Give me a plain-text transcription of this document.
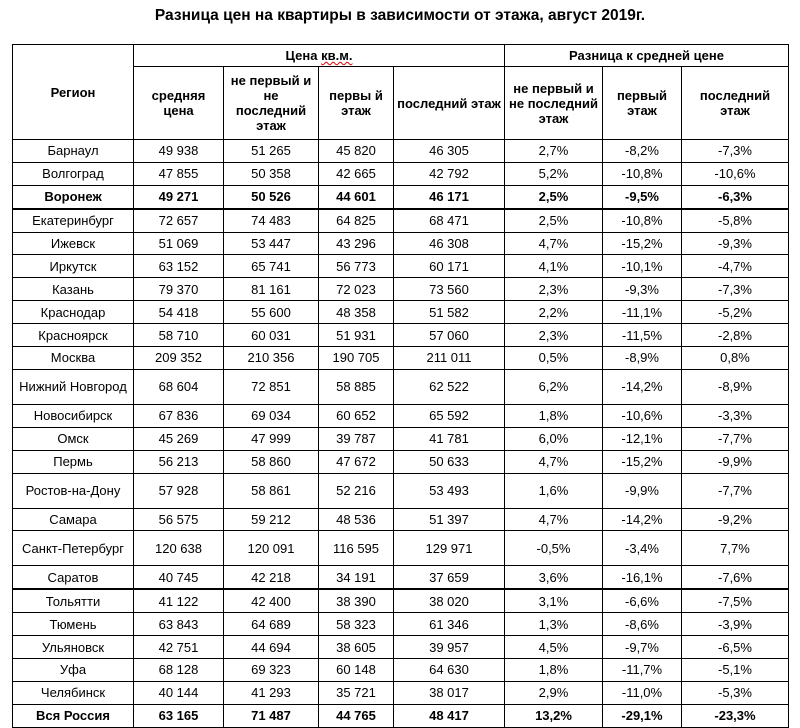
Разница цен на квартиры в зависимости от этажа, август 2019г.
Регион	Цена кв.м.				Разница к средней цене		
	средняя цена	не первый и не последний этаж	первы й этаж	последний этаж	не первый и не последний этаж	первый этаж	последний этаж
Барнаул	49 938	51 265	45 820	46 305	2,7%	-8,2%	-7,3%
Волгоград	47 855	50 358	42 665	42 792	5,2%	-10,8%	-10,6%
Воронеж	49 271	50 526	44 601	46 171	2,5%	-9,5%	-6,3%
Екатеринбург	72 657	74 483	64 825	68 471	2,5%	-10,8%	-5,8%
Ижевск	51 069	53 447	43 296	46 308	4,7%	-15,2%	-9,3%
Иркутск	63 152	65 741	56 773	60 171	4,1%	-10,1%	-4,7%
Казань	79 370	81 161	72 023	73 560	2,3%	-9,3%	-7,3%
Краснодар	54 418	55 600	48 358	51 582	2,2%	-11,1%	-5,2%
Красноярск	58 710	60 031	51 931	57 060	2,3%	-11,5%	-2,8%
Москва	209 352	210 356	190 705	211 011	0,5%	-8,9%	0,8%
Нижний Новгород	68 604	72 851	58 885	62 522	6,2%	-14,2%	-8,9%
Новосибирск	67 836	69 034	60 652	65 592	1,8%	-10,6%	-3,3%
Омск	45 269	47 999	39 787	41 781	6,0%	-12,1%	-7,7%
Пермь	56 213	58 860	47 672	50 633	4,7%	-15,2%	-9,9%
Ростов-на-Дону	57 928	58 861	52 216	53 493	1,6%	-9,9%	-7,7%
Самара	56 575	59 212	48 536	51 397	4,7%	-14,2%	-9,2%
Санкт-Петербург	120 638	120 091	116 595	129 971	-0,5%	-3,4%	7,7%
Саратов	40 745	42 218	34 191	37 659	3,6%	-16,1%	-7,6%
Тольятти	41 122	42 400	38 390	38 020	3,1%	-6,6%	-7,5%
Тюмень	63 843	64 689	58 323	61 346	1,3%	-8,6%	-3,9%
Ульяновск	42 751	44 694	38 605	39 957	4,5%	-9,7%	-6,5%
Уфа	68 128	69 323	60 148	64 630	1,8%	-11,7%	-5,1%
Челябинск	40 144	41 293	35 721	38 017	2,9%	-11,0%	-5,3%
Вся Россия	63 165	71 487	44 765	48 417	13,2%	-29,1%	-23,3%
